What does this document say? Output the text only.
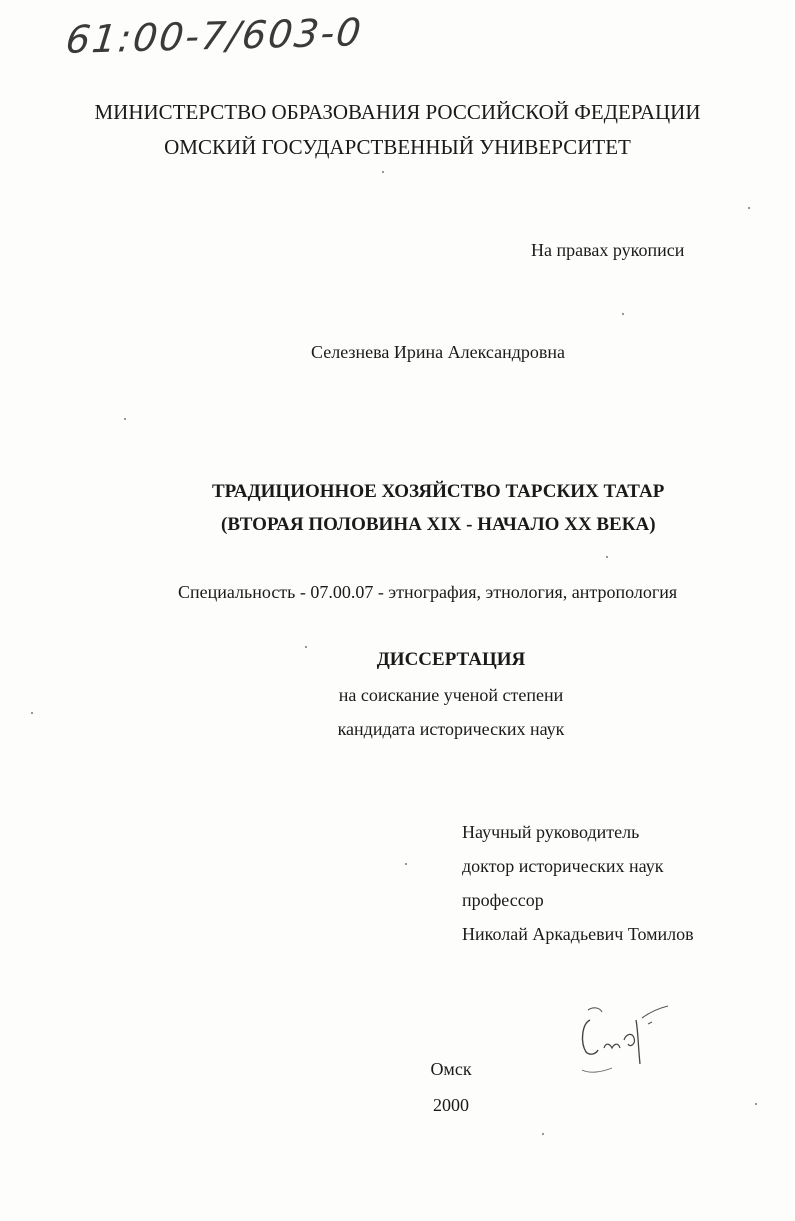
61:00-7/603-0
МИНИСТЕРСТВО ОБРАЗОВАНИЯ РОССИЙСКОЙ ФЕДЕРАЦИИ
ОМСКИЙ ГОСУДАРСТВЕННЫЙ УНИВЕРСИТЕТ
На правах рукописи
Селезнева Ирина Александровна
ТРАДИЦИОННОЕ ХОЗЯЙСТВО ТАРСКИХ ТАТАР
(ВТОРАЯ ПОЛОВИНА XIX - НАЧАЛО XX ВЕКА)
Специальность - 07.00.07 - этнография, этнология, антропология
ДИССЕРТАЦИЯ
на соискание ученой степени
кандидата исторических наук
Научный руководитель
доктор исторических наук
профессор
Николай Аркадьевич Томилов
Омск
2000
